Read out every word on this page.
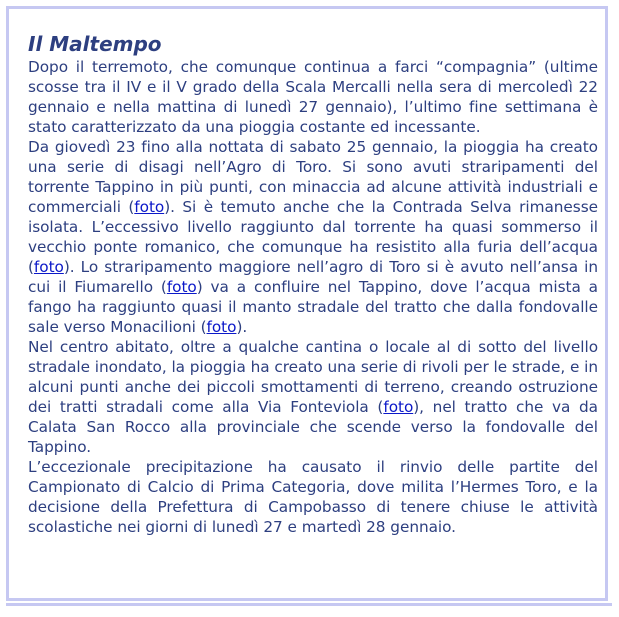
Il Maltempo

Dopo il terremoto, che comunque continua a farci “compagnia” (ultime scosse tra il IV e il V grado della Scala Mercalli nella sera di mercoledì 22 gennaio e nella mattina di lunedì 27 gennaio), l’ultimo fine settimana è stato caratterizzato da una pioggia costante ed incessante.

Da giovedì 23 fino alla nottata di sabato 25 gennaio, la pioggia ha creato una serie di disagi nell’Agro di Toro. Si sono avuti straripamenti del torrente Tappino in più punti, con minaccia ad alcune attività industriali e commerciali (foto). Si è temuto anche che la Contrada Selva rimanesse isolata. L’eccessivo livello raggiunto dal torrente ha quasi sommerso il vecchio ponte romanico, che comunque ha resistito alla furia dell’acqua (foto). Lo straripamento maggiore nell’agro di Toro si è avuto nell’ansa in cui il Fiumarello (foto) va a confluire nel Tappino, dove l’acqua mista a fango ha raggiunto quasi il manto stradale del tratto che dalla fondovalle sale verso Monacilioni (foto).

Nel centro abitato, oltre a qualche cantina o locale al di sotto del livello stradale inondato, la pioggia ha creato una serie di rivoli per le strade, e in alcuni punti anche dei piccoli smottamenti di terreno, creando ostruzione dei tratti stradali come alla Via Fonteviola (foto), nel tratto che va da Calata San Rocco alla provinciale che scende verso la fondovalle del Tappino.

L’eccezionale precipitazione ha causato il rinvio delle partite del Campionato di Calcio di Prima Categoria, dove milita l’Hermes Toro, e la decisione della Prefettura di Campobasso di tenere chiuse le attività scolastiche nei giorni di lunedì 27 e martedì 28 gennaio.
